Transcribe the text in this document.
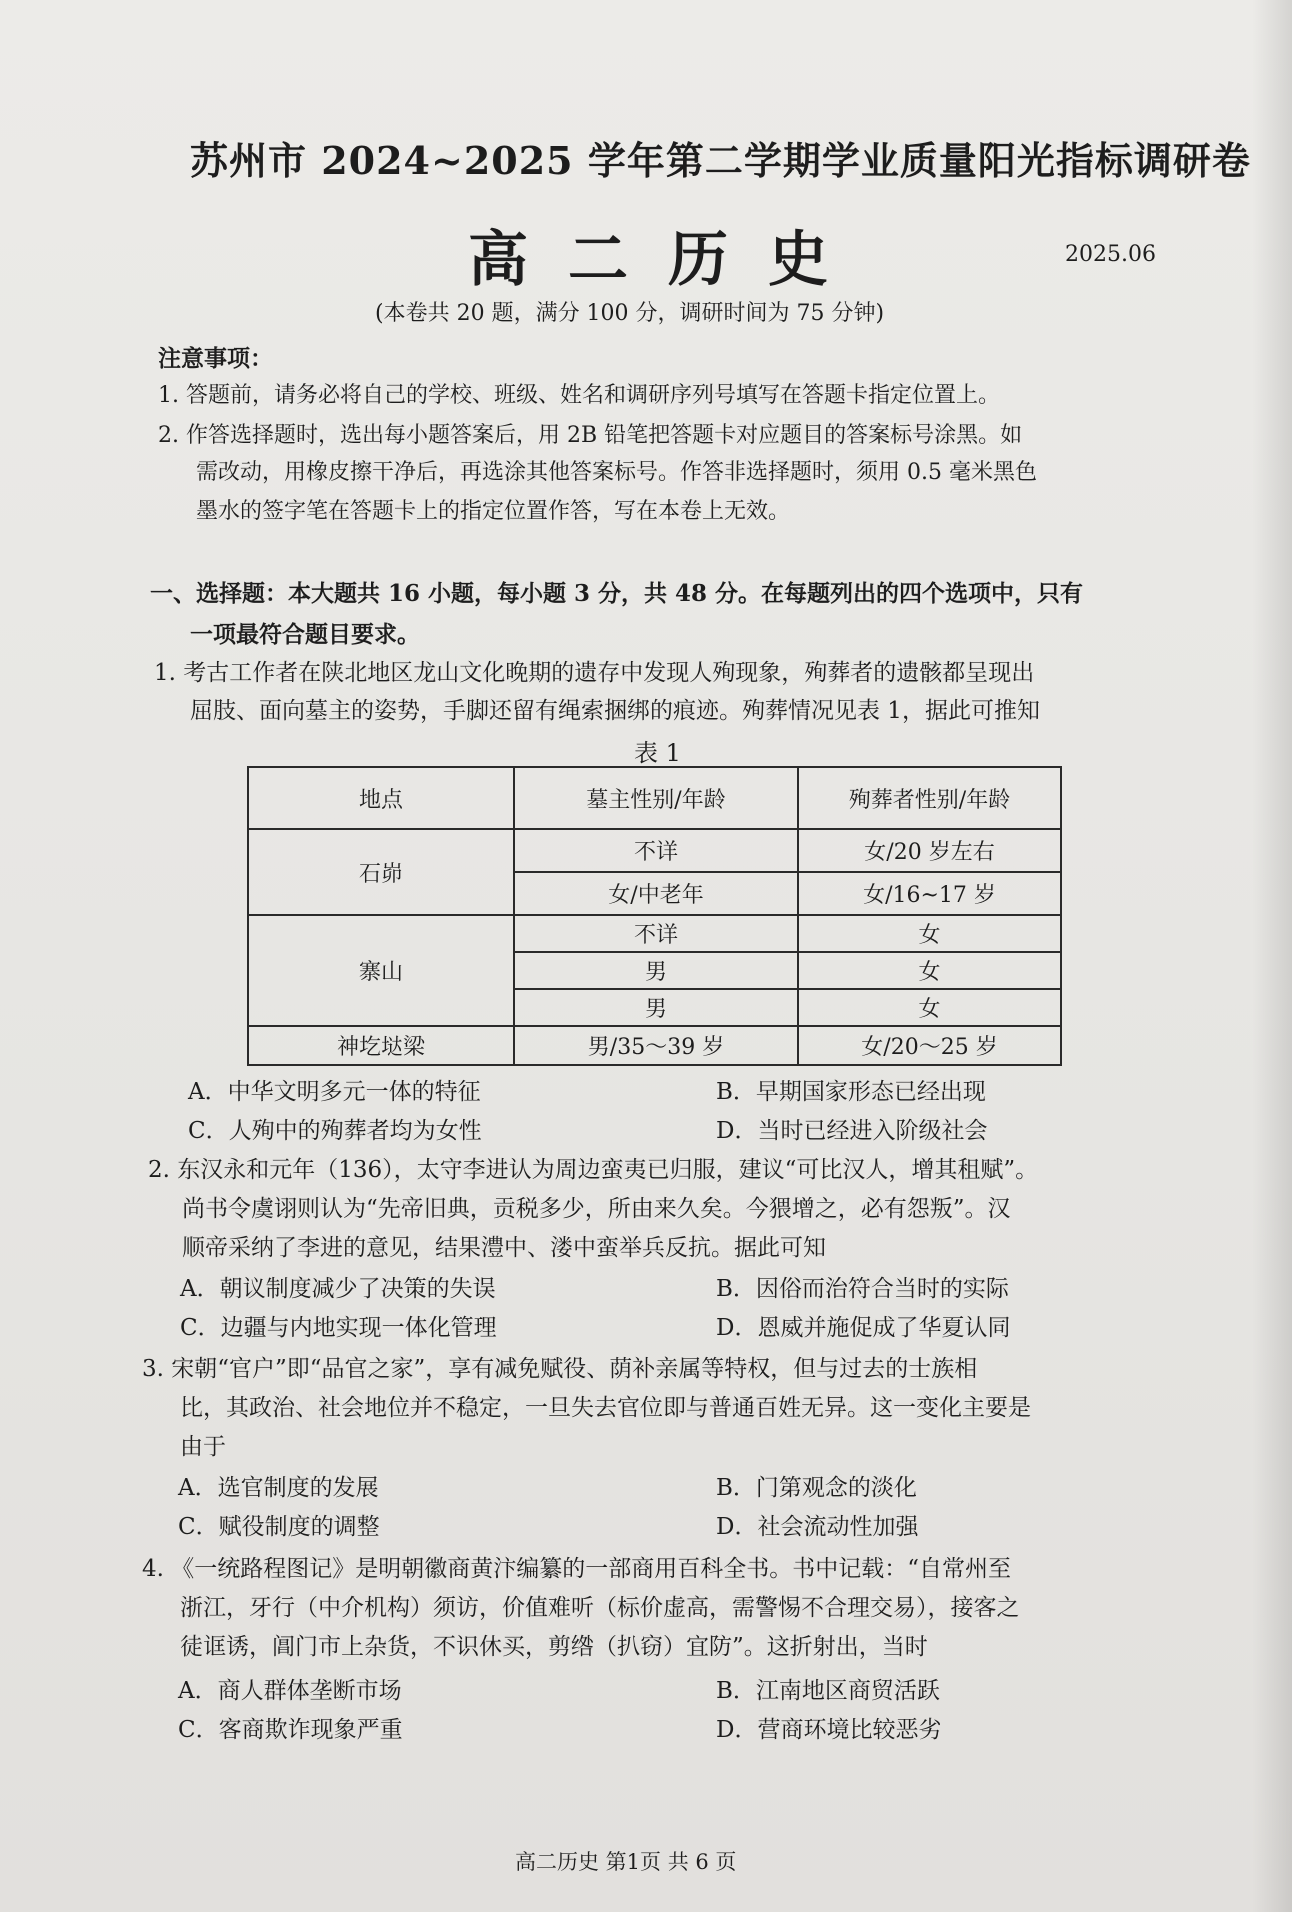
苏州市 2024~2025 学年第二学期学业质量阳光指标调研卷
高二历史	2025.06
(本卷共 20 题，满分 100 分，调研时间为 75 分钟)
注意事项：
1. 答题前，请务必将自己的学校、班级、姓名和调研序列号填写在答题卡指定位置上。
2. 作答选择题时，选出每小题答案后，用 2B 铅笔把答题卡对应题目的答案标号涂黑。如
需改动，用橡皮擦干净后，再选涂其他答案标号。作答非选择题时，须用 0.5 毫米黑色
墨水的签字笔在答题卡上的指定位置作答，写在本卷上无效。
一、选择题：本大题共 16 小题，每小题 3 分，共 48 分。在每题列出的四个选项中，只有
一项最符合题目要求。
1. 考古工作者在陕北地区龙山文化晚期的遗存中发现人殉现象，殉葬者的遗骸都呈现出
屈肢、面向墓主的姿势，手脚还留有绳索捆绑的痕迹。殉葬情况见表 1，据此可推知
表 1
地点	墓主性别/年龄	殉葬者性别/年龄
石峁	不详	女/20 岁左右
	女/中老年	女/16~17 岁
寨山	不详	女
	男	女
	男	女
神圪垯梁	男/35～39 岁	女/20～25 岁
A．中华文明多元一体的特征	B．早期国家形态已经出现
C．人殉中的殉葬者均为女性	D．当时已经进入阶级社会
2. 东汉永和元年（136），太守李进认为周边蛮夷已归服，建议“可比汉人，增其租赋”。
尚书令虞诩则认为“先帝旧典，贡税多少，所由来久矣。今猥增之，必有怨叛”。汉
顺帝采纳了李进的意见，结果澧中、溇中蛮举兵反抗。据此可知
A．朝议制度减少了决策的失误	B．因俗而治符合当时的实际
C．边疆与内地实现一体化管理	D．恩威并施促成了华夏认同
3. 宋朝“官户”即“品官之家”，享有减免赋役、荫补亲属等特权，但与过去的士族相
比，其政治、社会地位并不稳定，一旦失去官位即与普通百姓无异。这一变化主要是
由于
A．选官制度的发展	B．门第观念的淡化
C．赋役制度的调整	D．社会流动性加强
4. 《一统路程图记》是明朝徽商黄汴编纂的一部商用百科全书。书中记载：“自常州至
浙江，牙行（中介机构）须访，价值难听（标价虚高，需警惕不合理交易），接客之
徒诓诱，阊门市上杂货，不识休买，剪绺（扒窃）宜防”。这折射出，当时
A．商人群体垄断市场	B．江南地区商贸活跃
C．客商欺诈现象严重	D．营商环境比较恶劣
高二历史 第1页 共 6 页
